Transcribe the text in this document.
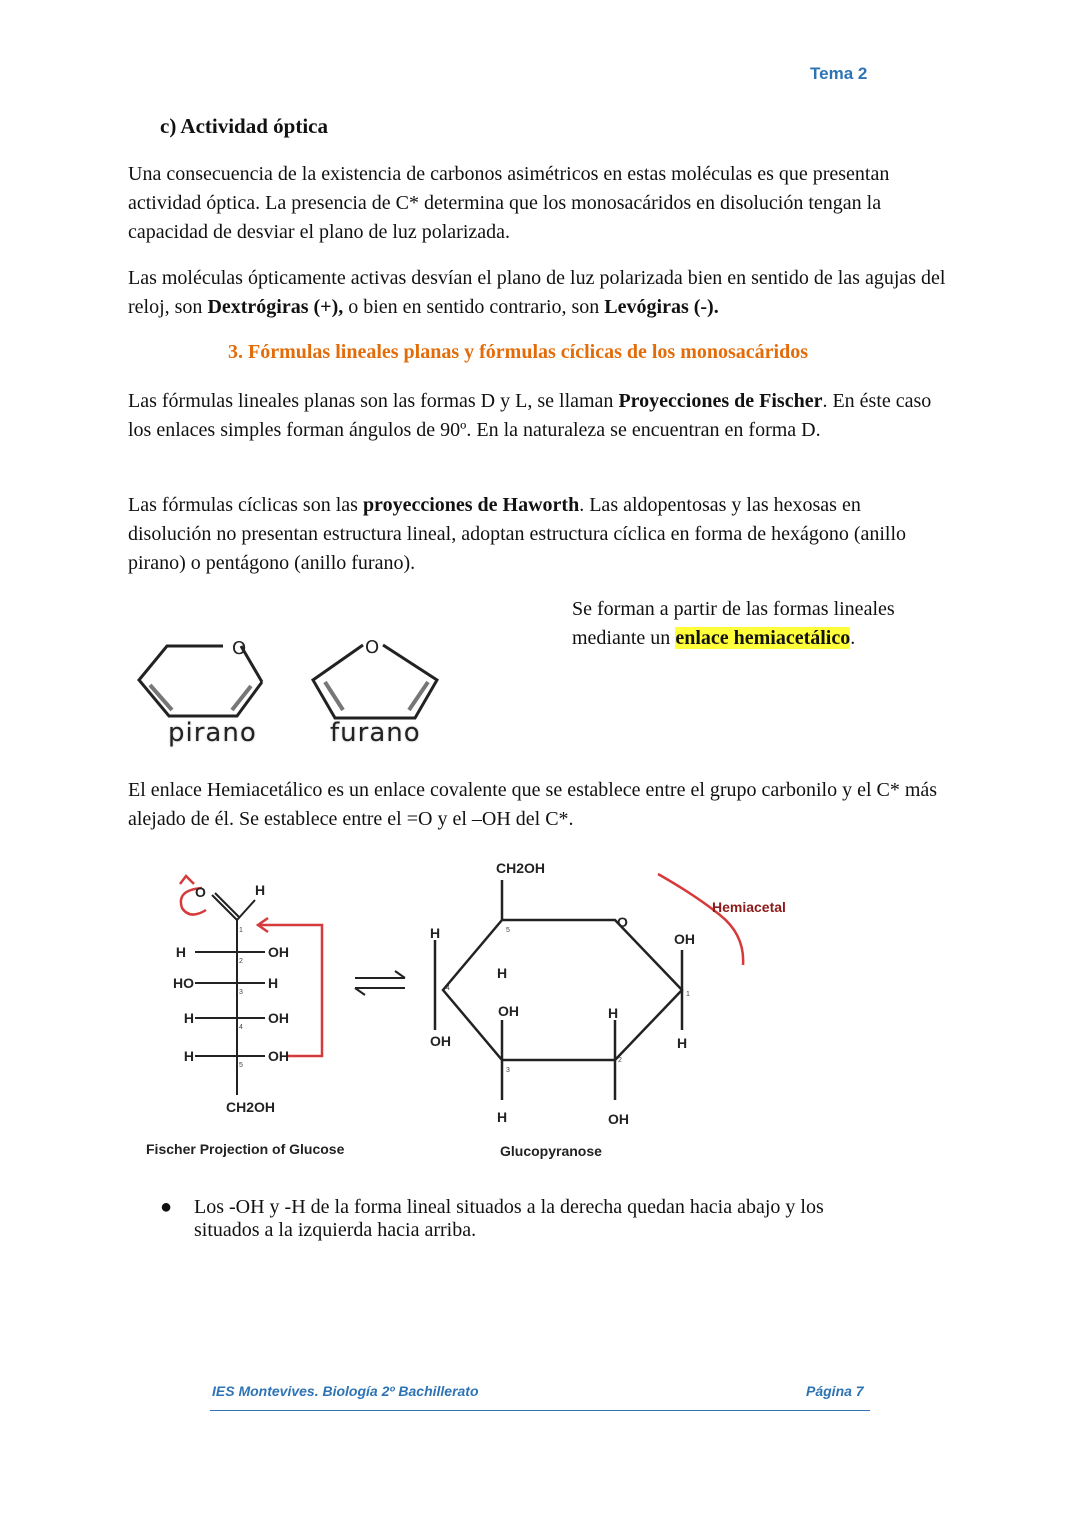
Tema 2
c) Actividad óptica
Una consecuencia de la existencia de carbonos asimétricos en estas moléculas es que presentan actividad óptica. La presencia de C* determina que los monosacáridos en disolución tengan la capacidad de desviar el plano de luz polarizada.
Las moléculas ópticamente activas desvían el plano de luz polarizada bien en sentido de las agujas del reloj, son Dextrógiras (+), o bien en sentido contrario, son Levógiras (-).
3. Fórmulas lineales planas y fórmulas cíclicas de los monosacáridos
Las fórmulas lineales planas son las formas D y L, se llaman Proyecciones de Fischer. En éste caso los enlaces simples forman ángulos de 90º. En la naturaleza se encuentran en forma D.
Las fórmulas cíclicas son las proyecciones de Haworth. Las aldopentosas y las hexosas en disolución no presentan estructura lineal, adoptan estructura cíclica en forma de hexágono (anillo pirano) o pentágono (anillo furano).
Se forman a partir de las formas lineales mediante un enlace hemiacetálico.
O	O
pirano	furano
El enlace Hemiacetálico es un enlace covalente que se establece entre el grupo carbonilo y el C* más alejado de él. Se establece entre el =O y el –OH del C*.
O	H
H	OH
HO	H
H	OH
H	OH
CH2OH
1
2
3
4
5
Fischer Projection of Glucose
CH2OH
Hemiacetal
O
H
OH
H
OH	H
H	OH
OH
H
5
4
3
2
1
Glucopyranose
● Los -OH y -H de la forma lineal situados a la derecha quedan hacia abajo y los situados a la izquierda hacia arriba.
IES Montevives. Biología 2º Bachillerato	Página 7
